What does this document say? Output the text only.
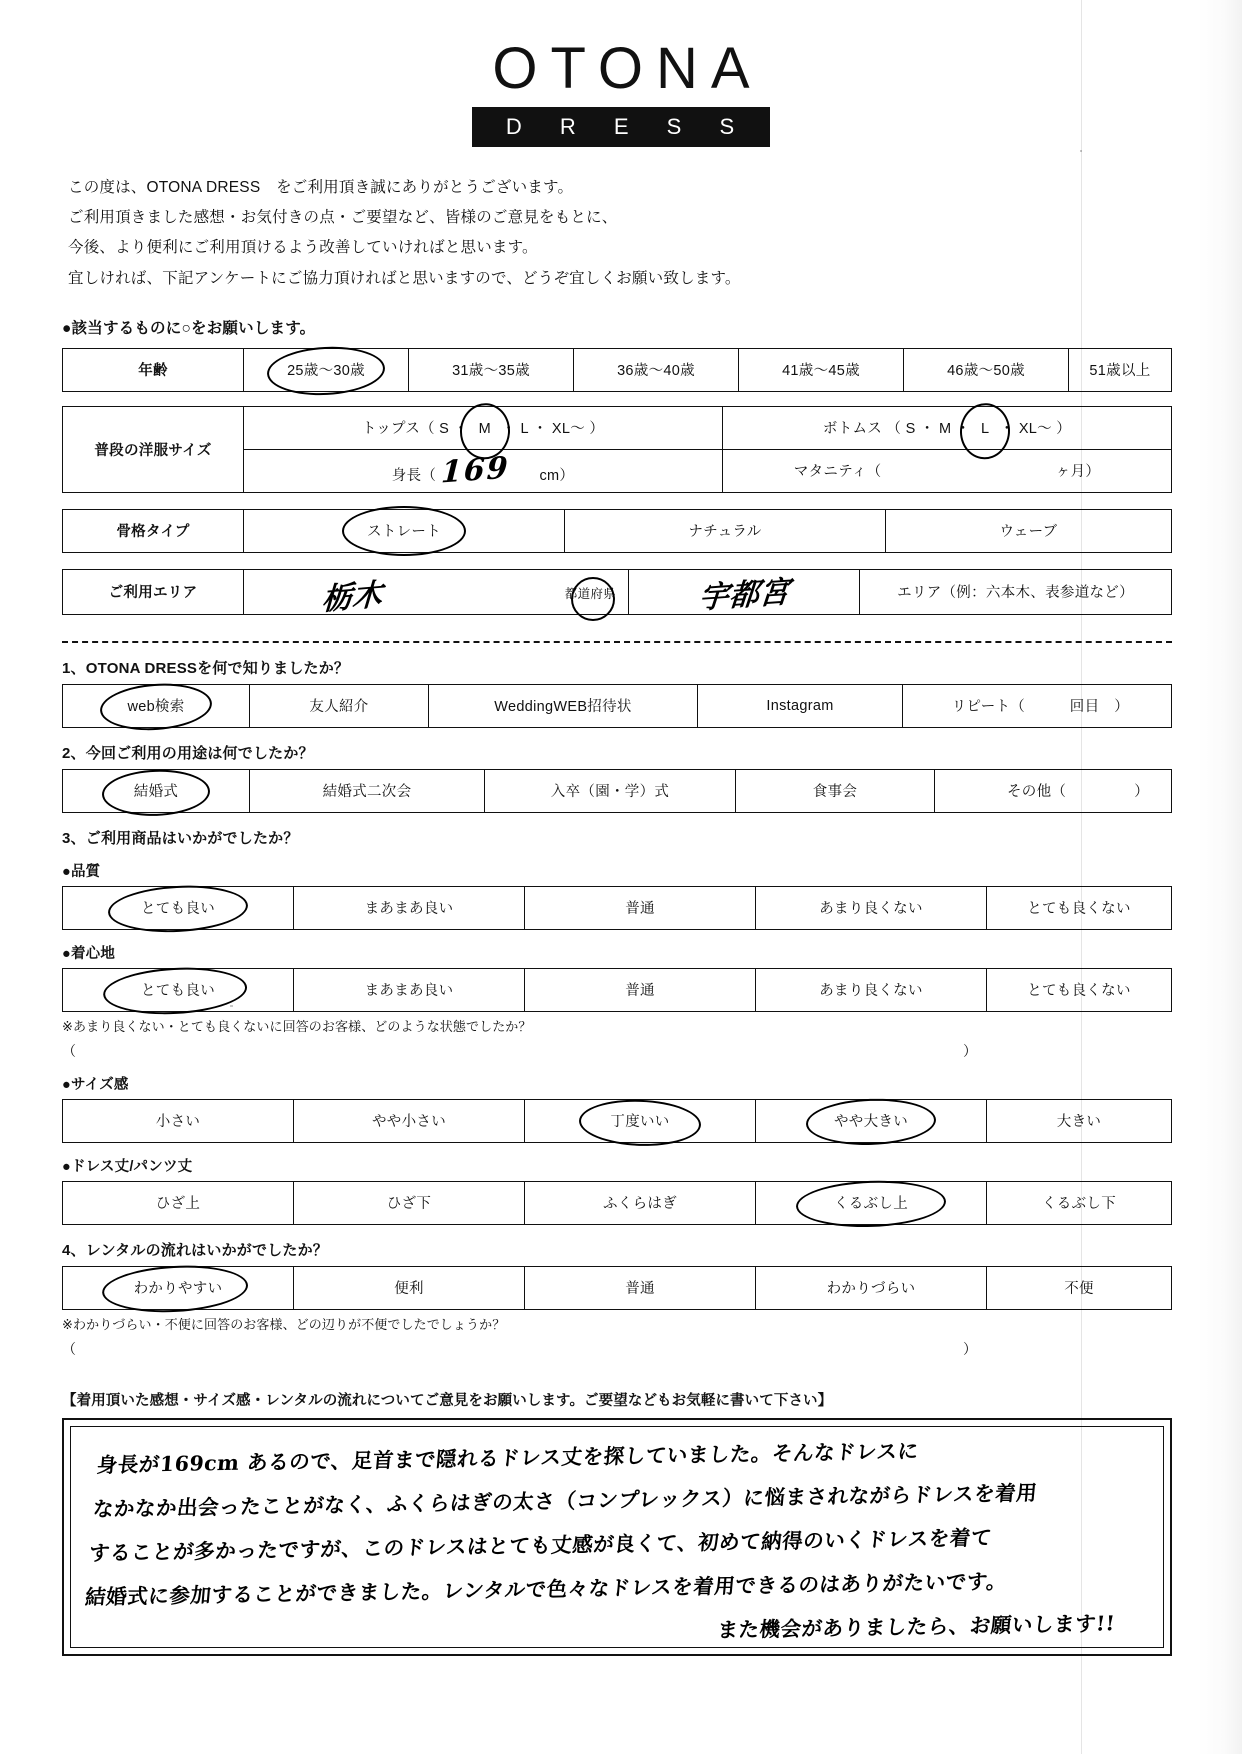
OTONA
D R E S S
この度は、OTONA DRESS　をご利用頂き誠にありがとうございます。
ご利用頂きました感想・お気付きの点・ご要望など、皆様のご意見をもとに、
今後、より便利にご利用頂けるよう改善していければと思います。
宜しければ、下記アンケートにご協力頂ければと思いますので、どうぞ宜しくお願い致します。
●該当するものに○をお願いします。
年齢	25歳〜30歳	31歳〜35歳	36歳〜40歳	41歳〜45歳	46歳〜50歳	51歳以上
普段の洋服サイズ	トップス（ S ・ M ・ L ・ XL〜 ）	ボトムス （ S ・ M ・ L ・ XL〜 ）
	身長（ 169 cm）	マタニティ（ ヶ月）
骨格タイプ	ストレート	ナチュラル	ウェーブ
ご利用エリア	栃木	都道府県	宇都宮	エリア（例：六本木、表参道など）
1、OTONA DRESSを何で知りましたか？
web検索	友人紹介	WeddingWEB招待状	Instagram	リピート（	回目　）
2、今回ご利用の用途は何でしたか？
結婚式	結婚式二次会	入卒（園・学）式	食事会	その他（	）
3、ご利用商品はいかがでしたか？
●品質
とても良い	まあまあ良い	普通	あまり良くない	とても良くない
●着心地
とても良い	まあまあ良い	普通	あまり良くない	とても良くない
※あまり良くない・とても良くないに回答のお客様、どのような状態でしたか？
（	）
●サイズ感
小さい	やや小さい	丁度いい	やや大きい	大きい
●ドレス丈/パンツ丈
ひざ上	ひざ下	ふくらはぎ	くるぶし上	くるぶし下
4、レンタルの流れはいかがでしたか？
わかりやすい	便利	普通	わかりづらい	不便
※わかりづらい・不便に回答のお客様、どの辺りが不便でしたでしょうか？
（	）
【着用頂いた感想・サイズ感・レンタルの流れについてご意見をお願いします。ご要望などもお気軽に書いて下さい】
身長が169cm あるので、足首まで隠れるドレス丈を探していました。そんなドレスに
なかなか出会ったことがなく、ふくらはぎの太さ（コンプレックス）に悩まされながらドレスを着用
することが多かったですが、このドレスはとても丈感が良くて、初めて納得のいくドレスを着て
結婚式に参加することができました。レンタルで色々なドレスを着用できるのはありがたいです。
また機会がありましたら、お願いします!!
